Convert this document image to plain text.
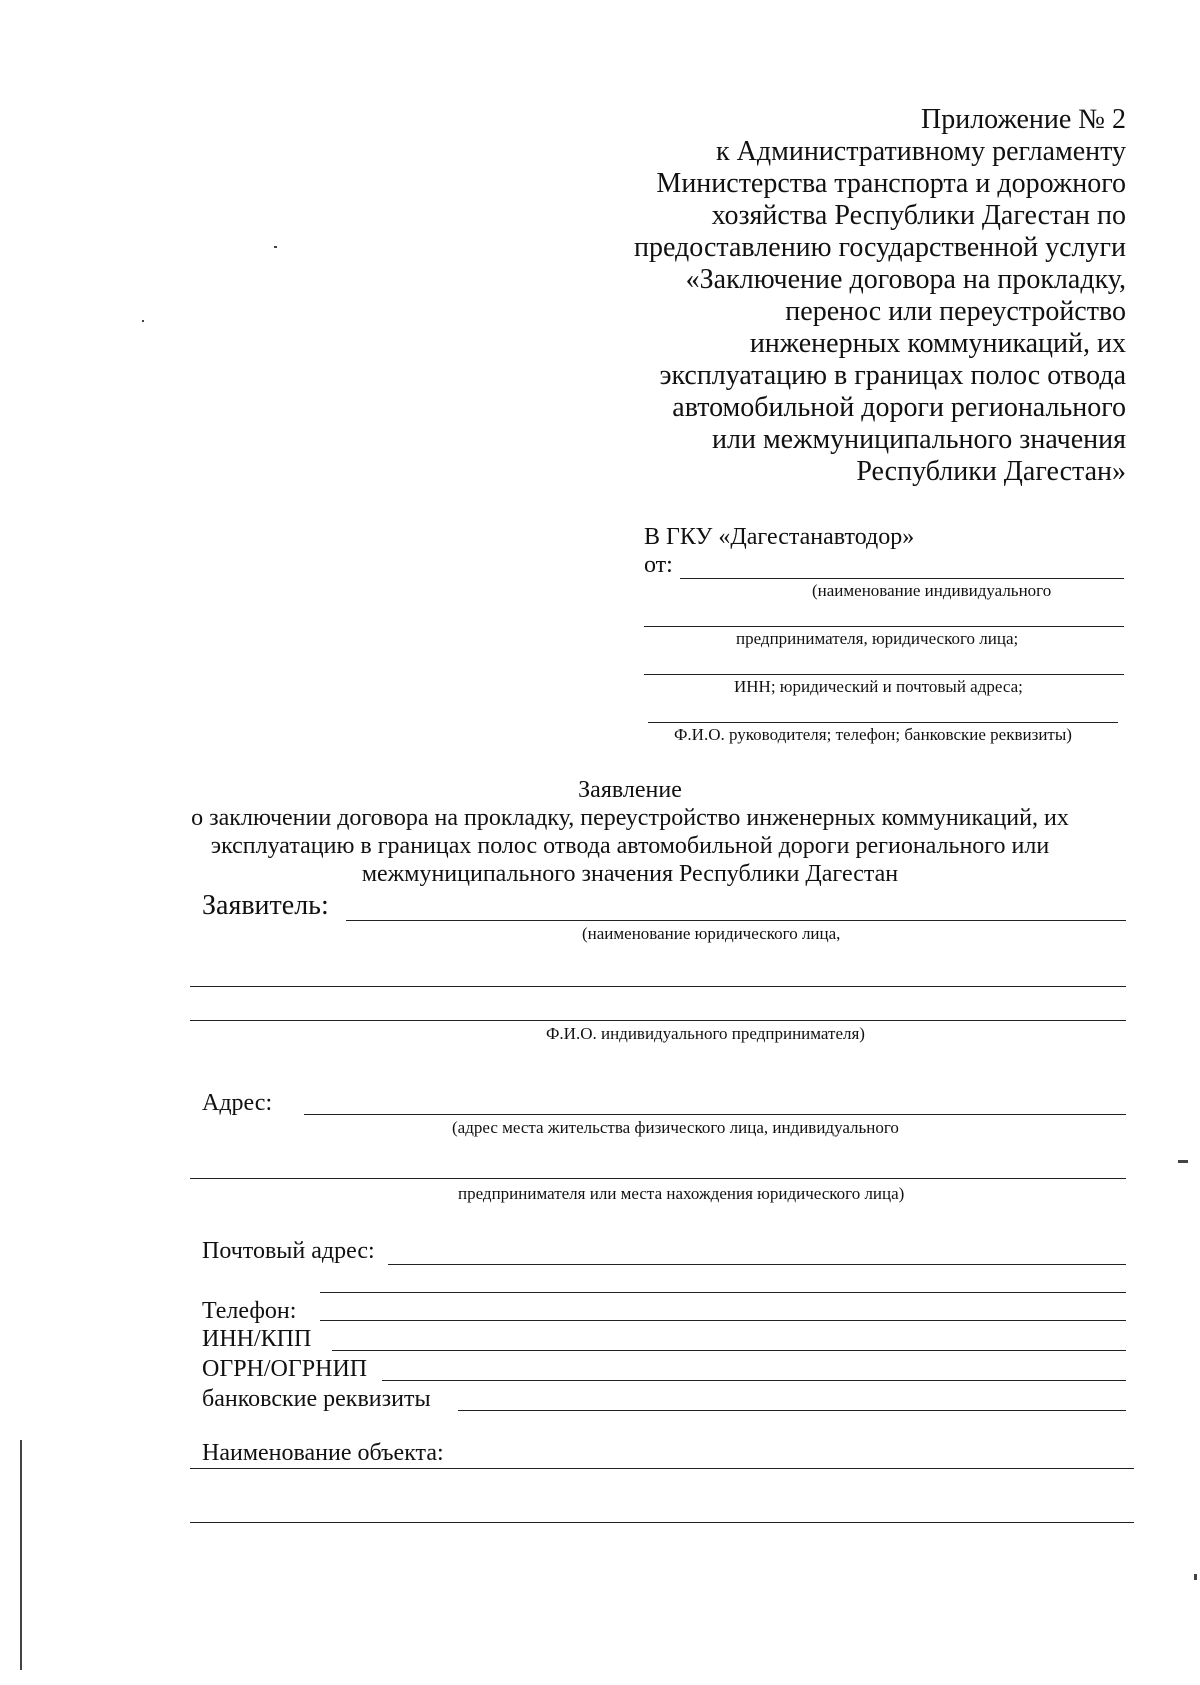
Приложение № 2
к Административному регламенту
Министерства транспорта и дорожного
хозяйства Республики Дагестан по
предоставлению государственной услуги
«Заключение договора на прокладку,
перенос или переустройство
инженерных коммуникаций, их
эксплуатацию в границах полос отвода
автомобильной дороги регионального
или межмуниципального значения
Республики Дагестан»
В ГКУ «Дагестанавтодор»
от:
(наименование индивидуального
предпринимателя, юридического лица;
ИНН; юридический и почтовый адреса;
Ф.И.О. руководителя; телефон; банковские реквизиты)
Заявление
о заключении договора на прокладку, переустройство инженерных коммуникаций, их
эксплуатацию в границах полос отвода автомобильной дороги регионального или
межмуниципального значения Республики Дагестан
Заявитель:
(наименование юридического лица,
Ф.И.О. индивидуального предпринимателя)
Адрес:
(адрес места жительства физического лица, индивидуального
предпринимателя или места нахождения юридического лица)
Почтовый адрес:
Телефон:
ИНН/КПП
ОГРН/ОГРНИП
банковские реквизиты
Наименование объекта:
